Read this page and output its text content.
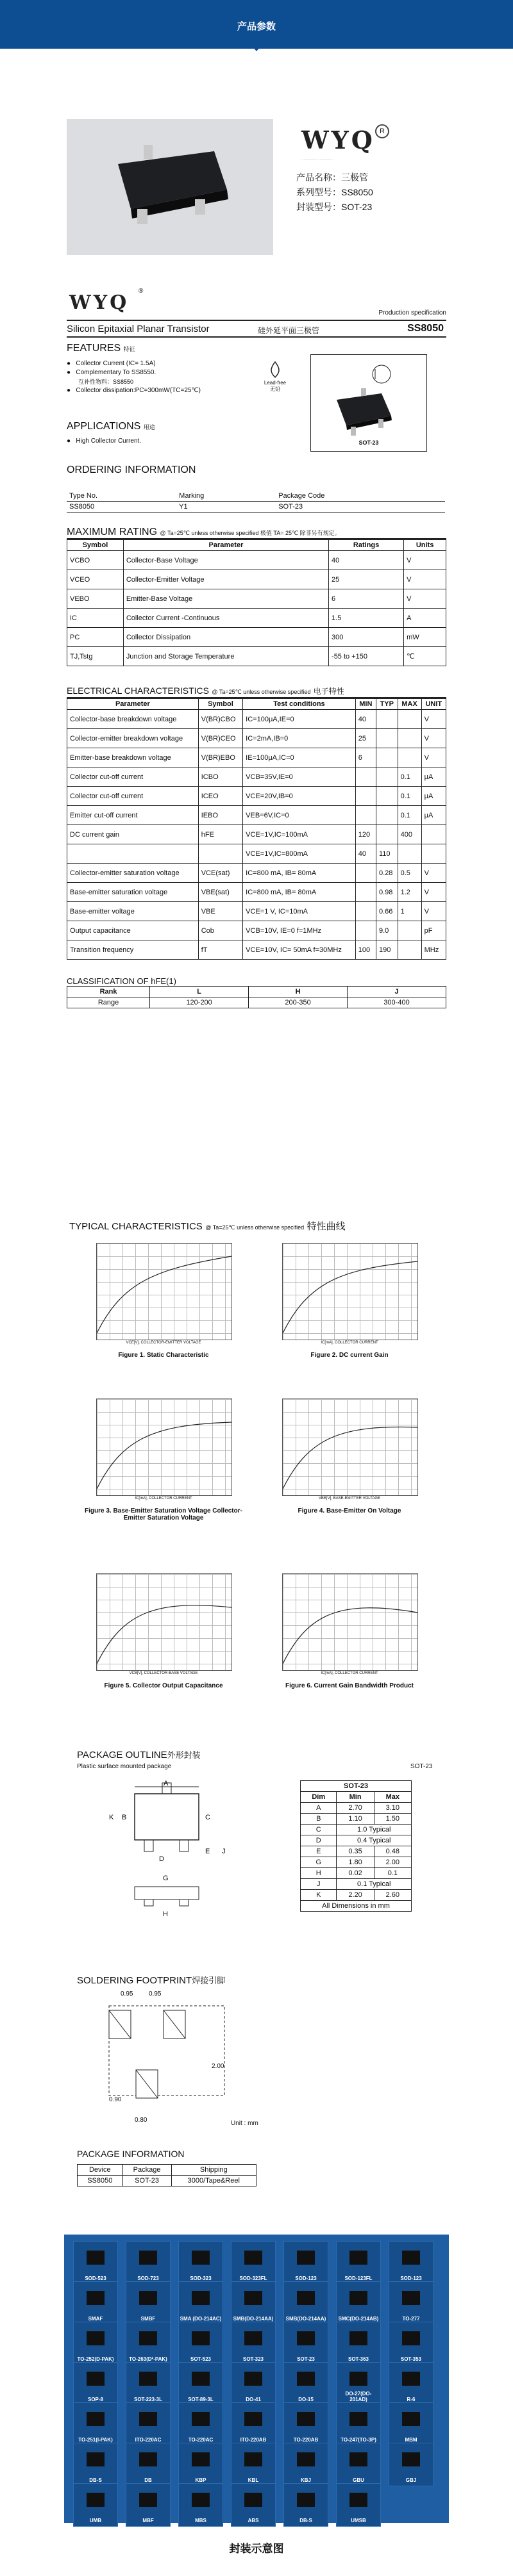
产品参数
WYQ R
..............................
产品名称：三极管
系列型号：SS8050
封装型号：SOT-23
WYQ
®
Production specification
Silicon Epitaxial Planar Transistor	硅外延平面三极管	SS8050
FEATURES 特征
●   Collector Current (IC= 1.5A)
●   Complementary To SS8550.
互补性物料：SS8550
●   Collector dissipation:PC=300mW(TC=25℃)
Lead-free
无铅
SOT-23
APPLICATIONS 用途
●   High Collector Current.
ORDERING INFORMATION
Type No.	Marking	Package Code
SS8050	Y1	SOT-23
MAXIMUM RATING @ Ta=25℃ unless otherwise specified 极值 TA= 25℃ 除非另有规定。
Symbol	Parameter	Ratings	Units
VCBO	Collector-Base Voltage	40	V
VCEO	Collector-Emitter Voltage	25	V
VEBO	Emitter-Base Voltage	6	V
IC	Collector Current -Continuous	1.5	A
PC	Collector Dissipation	300	mW
TJ,Tstg	Junction and Storage Temperature	-55 to +150	℃
ELECTRICAL CHARACTERISTICS @ Ta=25℃ unless otherwise specified 电子特性
Parameter	Symbol	Test conditions	MIN	TYP	MAX	UNIT
Collector-base breakdown voltage	V(BR)CBO	IC=100μA,IE=0	40			V
Collector-emitter breakdown voltage	V(BR)CEO	IC=2mA,IB=0	25			V
Emitter-base breakdown voltage	V(BR)EBO	IE=100μA,IC=0	6			V
Collector cut-off current	ICBO	VCB=35V,IE=0			0.1	μA
Collector cut-off current	ICEO	VCE=20V,IB=0			0.1	μA
Emitter cut-off current	IEBO	VEB=6V,IC=0			0.1	μA
DC current gain	hFE	VCE=1V,IC=100mA	120		400	
		VCE=1V,IC=800mA	40	110		
Collector-emitter saturation voltage	VCE(sat)	IC=800 mA, IB= 80mA		0.28	0.5	V
Base-emitter saturation voltage	VBE(sat)	IC=800 mA, IB= 80mA		0.98	1.2	V
Base-emitter voltage	VBE	VCE=1 V, IC=10mA		0.66	1	V
Output capacitance	Cob	VCB=10V, IE=0 f=1MHz		9.0		pF
Transition frequency	fT	VCE=10V, IC= 50mA f=30MHz	100	190		MHz
CLASSIFICATION OF hFE(1)
Rank	L	H	J
Range	120-200	200-350	300-400
TYPICAL CHARACTERISTICS @ Ta=25℃ unless otherwise specified 特性曲线
VCE[V], COLLECTOR-EMITTER VOLTAGE
Figure 1. Static Characteristic
IC[mA], COLLECTOR CURRENT
Figure 2. DC current Gain
IC[mA], COLLECTOR CURRENT
Figure 3. Base-Emitter Saturation Voltage Collector-Emitter Saturation Voltage
VBE[V], BASE-EMITTER VOLTAGE
Figure 4. Base-Emitter On Voltage
VCB[V], COLLECTOR-BASE VOLTAGE
Figure 5. Collector Output Capacitance
IC[mA], COLLECTOR CURRENT
Figure 6. Current Gain Bandwidth Product
PACKAGE OUTLINE外形封装
Plastic surface mounted package	SOT-23
A
B	C
D
G
H
J
K
E
SOT-23		
Dim	Min	Max
A	2.70	3.10
B	1.10	1.50
C	1.0 Typical	
D	0.4 Typical	
E	0.35	0.48
G	1.80	2.00
H	0.02	0.1
J	0.1 Typical	
K	2.20	2.60
All Dimensions in mm		
SOLDERING FOOTPRINT焊接引脚
0.95 0.95
2.00
0.90
0.80	Unit : mm
PACKAGE INFORMATION
Device	Package	Shipping
SS8050	SOT-23	3000/Tape&Reel
SOD-523	SOD-723	SOD-323	SOD-323FL	SOD-123	SOD-123FL	SOD-123
SMAF	SMBF	SMA (DO-214AC)	SMB(DO-214AA)	SMB(DO-214AA)	SMC(DO-214AB)	TO-277
TO-252(D-PAK)	TO-263(D²-PAK)	SOT-523	SOT-323	SOT-23	SOT-363	SOT-353
SOP-8	SOT-223-3L	SOT-89-3L	DO-41	DO-15
DO-27(DO-201AD)	R-6
TO-251(I-PAK)	ITO-220AC	TO-220AC	ITO-220AB	TO-220AB	TO-247(TO-3P)	MBM
DB-S	DB	KBP	KBL	KBJ	GBU	GBJ
UMB	MBF	MBS	ABS	DB-S	UMSB
封装示意图
